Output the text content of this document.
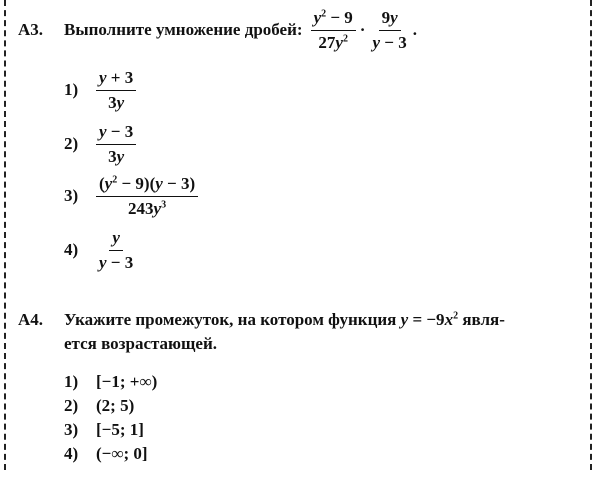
А3. Выполните умножение дробей: $\frac{y^2 - 9}{27y^2} \cdot \frac{9y}{y - 3}$ .
1)	$\frac{y + 3}{3y}$
2)	$\frac{y - 3}{3y}$
3)	$\frac{(y^2 - 9)(y - 3)}{243y^3}$
4)	$\frac{y}{y - 3}$
А4. Укажите промежуток, на котором функция $y = -9x^2$ явля-
ется возрастающей.
1)	[−1; +∞)
2)	(2; 5)
3)	[−5; 1]
4)	(−∞; 0]
